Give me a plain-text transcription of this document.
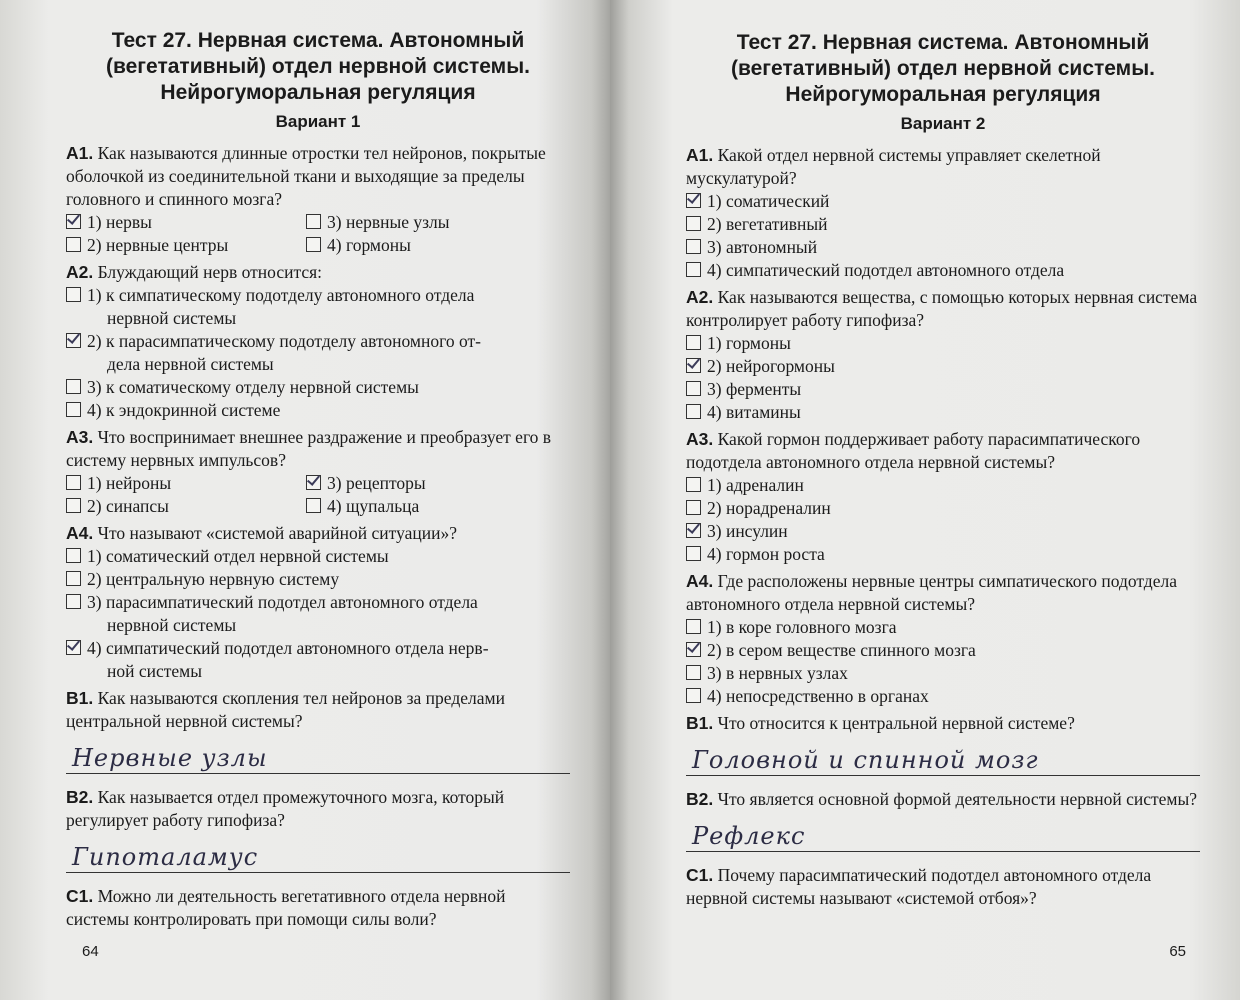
Тест 27. Нервная система. Автономный
(вегетативный) отдел нервной системы.
Нейрогуморальная регуляция
Вариант 1

А1. Как называются длинные отростки тел нейронов, покрытые оболочкой из соединительной ткани и выходящие за пределы головного и спинного мозга?

1) нервы	3) нервные узлы
2) нервные центры	4) гормоны

А2. Блуждающий нерв относится:

1) к симпатическому подотделу автономного отдела
нервной системы
2) к парасимпатическому подотделу автономного от-
дела нервной системы
3) к соматическому отделу нервной системы
4) к эндокринной системе

А3. Что воспринимает внешнее раздражение и преобразует его в систему нервных импульсов?

1) нейроны	3) рецепторы
2) синапсы	4) щупальца

А4. Что называют «системой аварийной ситуации»?

1) соматический отдел нервной системы
2) центральную нервную систему
3) парасимпатический подотдел автономного отдела
нервной системы
4) симпатический подотдел автономного отдела нерв-
ной системы

В1. Как называются скопления тел нейронов за пределами центральной нервной системы?

Нервные узлы

В2. Как называется отдел промежуточного мозга, который регулирует работу гипофиза?

Гипоталамус

С1. Можно ли деятельность вегетативного отдела нервной системы контролировать при помощи силы воли?

64
Тест 27. Нервная система. Автономный
(вегетативный) отдел нервной системы.
Нейрогуморальная регуляция
Вариант 2

А1. Какой отдел нервной системы управляет скелетной мускулатурой?

1) соматический
2) вегетативный
3) автономный
4) симпатический подотдел автономного отдела

А2. Как называются вещества, с помощью которых нервная система контролирует работу гипофиза?

1) гормоны
2) нейрогормоны
3) ферменты
4) витамины

А3. Какой гормон поддерживает работу парасимпатического подотдела автономного отдела нервной системы?

1) адреналин
2) норадреналин
3) инсулин
4) гормон роста

А4. Где расположены нервные центры симпатического подотдела автономного отдела нервной системы?

1) в коре головного мозга
2) в сером веществе спинного мозга
3) в нервных узлах
4) непосредственно в органах

В1. Что относится к центральной нервной системе?

Головной и спинной мозг

В2. Что является основной формой деятельности нервной системы?

Рефлекс

С1. Почему парасимпатический подотдел автономного отдела нервной системы называют «системой отбоя»?

65
